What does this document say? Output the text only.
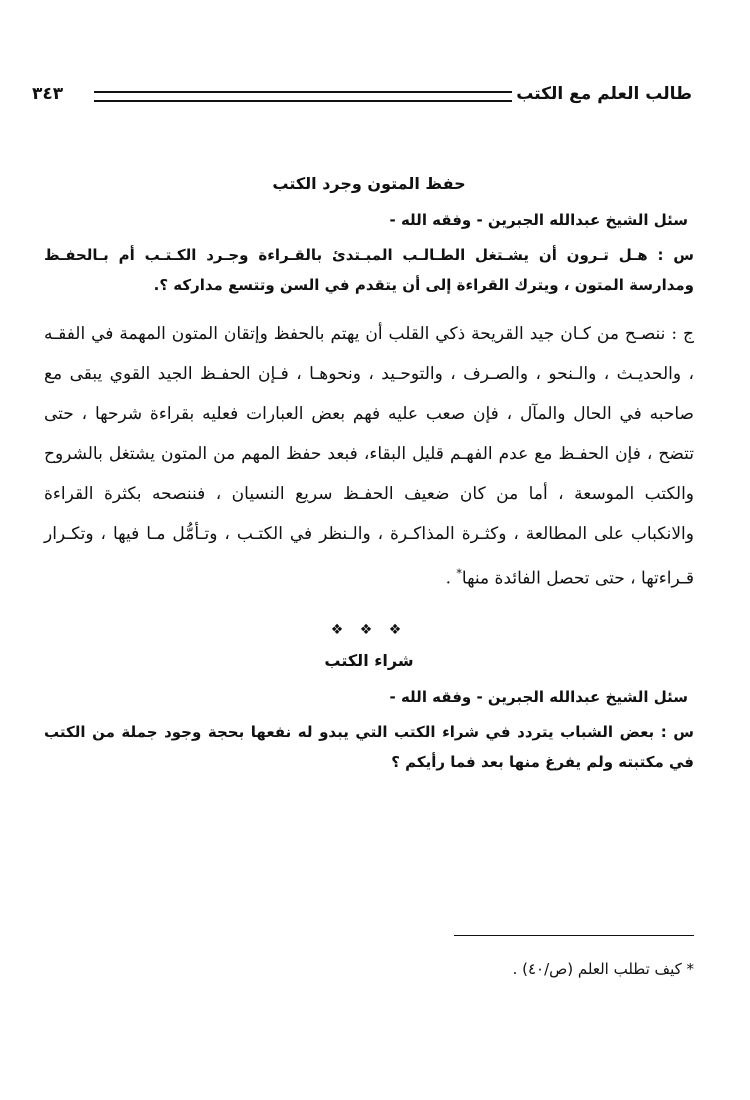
طالب العلم مع الكتب
٣٤٣
حفظ المتون وجرد الكتب
سئل الشيخ عبدالله الجبرين - وفقه الله -
س : هـل تـرون أن يشـتغل الطـالـب المبـتدئ بالقـراءة وجـرد الكـتـب أم بـالحفـظ ومدارسة المتون ، ويترك القراءة إلى أن يتقدم في السن وتتسع مداركه ؟.

ج : ننصـح من كـان جيد القريحة ذكي القلب أن يهتم بالحفظ وإتقان المتون المهمة في الفقـه ، والحديـث ، والـنحو ، والصـرف ، والتوحـيد ، ونحوهـا ، فـإن الحفـظ الجيد القوي يبقى مع صاحبه في الحال والمآل ، فإن صعب عليه فهم بعض العبارات فعليه بقراءة شرحها ، حتى تتضح ، فإن الحفـظ مع عدم الفهـم قليل البقاء، فبعد حفظ المهم من المتون يشتغل بالشروح والكتب الموسعة ، أما من كان ضعيف الحفـظ سريع النسيان ، فننصحه بكثرة القراءة والانكباب على المطالعة ، وكثـرة المذاكـرة ، والـنظر في الكتـب ، وتـأمُّل مـا فيها ، وتكـرار قـراءتها ، حتى تحصل الفائدة منها* .

❖ ❖ ❖
شراء الكتب
سئل الشيخ عبدالله الجبرين - وفقه الله -
س : بعض الشباب يتردد في شراء الكتب التي يبدو له نفعها بحجة وجود جملة من الكتب في مكتبته ولم يفرغ منها بعد فما رأيكم ؟
* كيف تطلب العلم (ص/٤٠) .
